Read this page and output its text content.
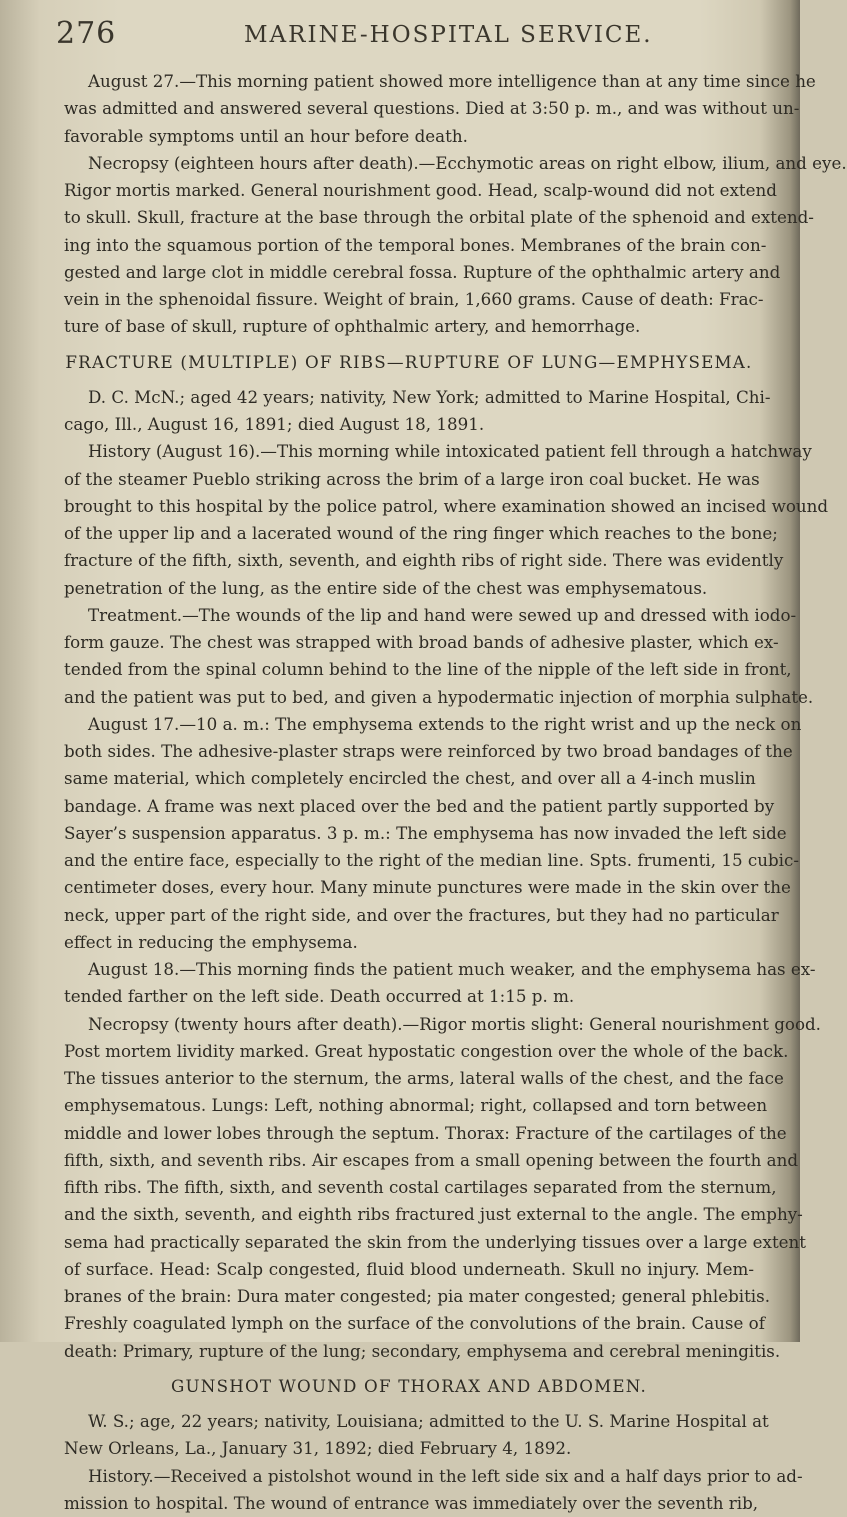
276	MARINE-HOSPITAL SERVICE.

August 27.—This morning patient showed more intelligence than at any time since he

was admitted and answered several questions. Died at 3:50 p. m., and was without un-

favorable symptoms until an hour before death.

Necropsy (eighteen hours after death).—Ecchymotic areas on right elbow, ilium, and eye.

Rigor mortis marked. General nourishment good. Head, scalp-wound did not extend

to skull. Skull, fracture at the base through the orbital plate of the sphenoid and extend-

ing into the squamous portion of the temporal bones. Membranes of the brain con-

gested and large clot in middle cerebral fossa. Rupture of the ophthalmic artery and

vein in the sphenoidal fissure. Weight of brain, 1,660 grams. Cause of death: Frac-

ture of base of skull, rupture of ophthalmic artery, and hemorrhage.

FRACTURE (MULTIPLE) OF RIBS—RUPTURE OF LUNG—EMPHYSEMA.

D. C. McN.; aged 42 years; nativity, New York; admitted to Marine Hospital, Chi-

cago, Ill., August 16, 1891; died August 18, 1891.

History (August 16).—This morning while intoxicated patient fell through a hatchway

of the steamer Pueblo striking across the brim of a large iron coal bucket. He was

brought to this hospital by the police patrol, where examination showed an incised wound

of the upper lip and a lacerated wound of the ring finger which reaches to the bone;

fracture of the fifth, sixth, seventh, and eighth ribs of right side. There was evidently

penetration of the lung, as the entire side of the chest was emphysematous.

Treatment.—The wounds of the lip and hand were sewed up and dressed with iodo-

form gauze. The chest was strapped with broad bands of adhesive plaster, which ex-

tended from the spinal column behind to the line of the nipple of the left side in front,

and the patient was put to bed, and given a hypodermatic injection of morphia sulphate.

August 17.—10 a. m.: The emphysema extends to the right wrist and up the neck on

both sides. The adhesive-plaster straps were reinforced by two broad bandages of the

same material, which completely encircled the chest, and over all a 4-inch muslin

bandage. A frame was next placed over the bed and the patient partly supported by

Sayer’s suspension apparatus. 3 p. m.: The emphysema has now invaded the left side

and the entire face, especially to the right of the median line. Spts. frumenti, 15 cubic-

centimeter doses, every hour. Many minute punctures were made in the skin over the

neck, upper part of the right side, and over the fractures, but they had no particular

effect in reducing the emphysema.

August 18.—This morning finds the patient much weaker, and the emphysema has ex-

tended farther on the left side. Death occurred at 1:15 p. m.

Necropsy (twenty hours after death).—Rigor mortis slight: General nourishment good.

Post mortem lividity marked. Great hypostatic congestion over the whole of the back.

The tissues anterior to the sternum, the arms, lateral walls of the chest, and the face

emphysematous. Lungs: Left, nothing abnormal; right, collapsed and torn between

middle and lower lobes through the septum. Thorax: Fracture of the cartilages of the

fifth, sixth, and seventh ribs. Air escapes from a small opening between the fourth and

fifth ribs. The fifth, sixth, and seventh costal cartilages separated from the sternum,

and the sixth, seventh, and eighth ribs fractured just external to the angle. The emphy-

sema had practically separated the skin from the underlying tissues over a large extent

of surface. Head: Scalp congested, fluid blood underneath. Skull no injury. Mem-

branes of the brain: Dura mater congested; pia mater congested; general phlebitis.

Freshly coagulated lymph on the surface of the convolutions of the brain. Cause of

death: Primary, rupture of the lung; secondary, emphysema and cerebral meningitis.

GUNSHOT WOUND OF THORAX AND ABDOMEN.

W. S.; age, 22 years; nativity, Louisiana; admitted to the U. S. Marine Hospital at

New Orleans, La., January 31, 1892; died February 4, 1892.

History.—Received a pistolshot wound in the left side six and a half days prior to ad-

mission to hospital. The wound of entrance was immediately over the seventh rib,
